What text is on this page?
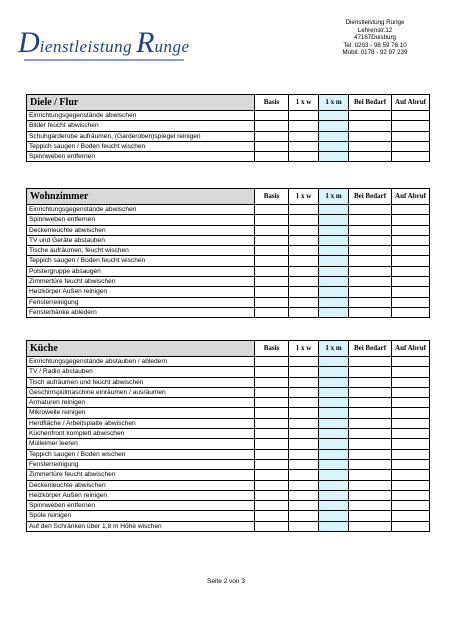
Dienstleistung Runge
Dienstleistung Runge
Lehrenstr.12
47167Duisburg
Tel: 0203 - 98 59 78 10
Mobil: 0178 - 92 97 239
Diele / Flur	Basis	1 x w	1 x m	Bei Bedarf	Auf Abruf
Einrichtungsgegenstände abwischen					
Bilder feucht abwischen					
Schuhgarderobe aufräumen, (Garderoben)spiegel reinigen					
Teppich saugen / Boden feucht wischen					
Spinnweben entfernen					
Wohnzimmer	Basis	1 x w	1 x m	Bei Bedarf	Auf Abruf
Einrichtungsgegenstände abwischen					
Spinnweben entfernen					
Deckenleuchte abwischen					
TV und Geräte abstauben					
Tische aufräumen, feucht wischen					
Teppich saugen / Boden feucht wischen					
Polstergruppe absaugen					
Zimmertüre feucht abwischen					
Heizkörper Außen reinigen					
Fensterreinigung					
Fensterbänke abledern					
Küche	Basis	1 x w	1 x m	Bei Bedarf	Auf Abruf
Einrichtungsgegenstände abstauben / abledern					
TV / Radio abstauben					
Tisch aufräumen und feucht abwischen					
Geschirrspülmaschine einräumen / ausräumen					
Armaturen reinigen					
Mikrowelle reinigen					
Herdfläche / Arbeitsplatte abwischen					
Küchenfront komplett abwischen					
Mülleimer leeren					
Teppich saugen / Boden wischen					
Fensterreinigung					
Zimmertüre feucht abwischen					
Deckenleuchte abwischen					
Heizkörper Außen reinigen					
Spinnweben entfernen					
Spüle reinigen					
Auf den Schränken über 1,8 m Höhe wischen					
Seite 2 von 3
